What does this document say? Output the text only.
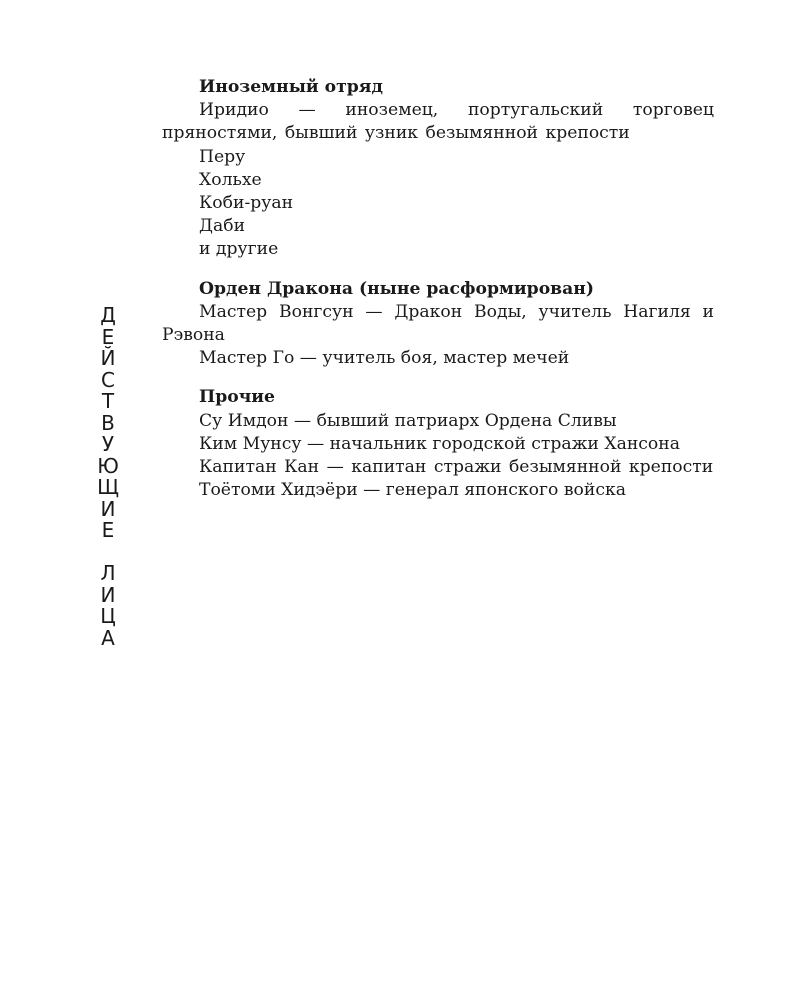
Д
Е
Й
С
Т
В
У
Ю
Щ
И
Е
Л
И
Ц
А
Иноземный отряд
Иридио — иноземец, португальский торговец пряностями, бывший узник безымянной крепости
Перу
Хольхе
Коби-руан
Даби
и другие
Орден Дракона (ныне расформирован)
Мастер Вонгсун — Дракон Воды, учитель Нагиля и Рэвона
Мастер Го — учитель боя, мастер мечей
Прочие
Су Имдон — бывший патриарх Ордена Сливы
Ким Мунсу — начальник городской стражи Хансона
Капитан Кан — капитан стражи безымянной крепости
Тоётоми Хидэёри — генерал японского войска
